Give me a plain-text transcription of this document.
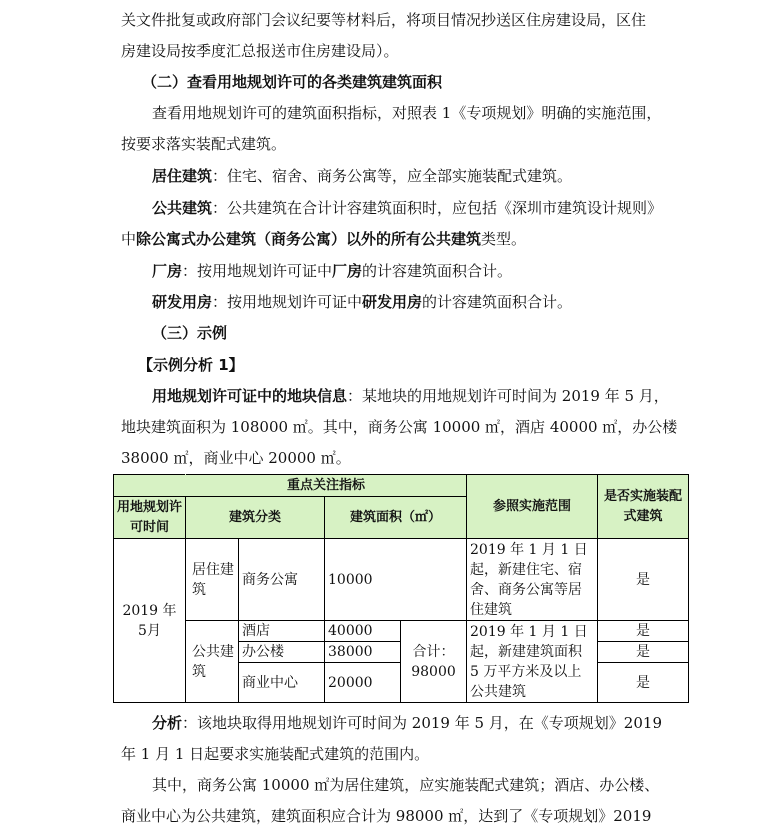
关文件批复或政府部门会议纪要等材料后，将项目情况抄送区住房建设局，区住
房建设局按季度汇总报送市住房建设局）。
（二）查看用地规划许可的各类建筑建筑面积
查看用地规划许可的建筑面积指标，对照表 1《专项规划》明确的实施范围，
按要求落实装配式建筑。
居住建筑：住宅、宿舍、商务公寓等，应全部实施装配式建筑。
公共建筑：公共建筑在合计计容建筑面积时，应包括《深圳市建筑设计规则》
中除公寓式办公建筑（商务公寓）以外的所有公共建筑类型。
厂房：按用地规划许可证中厂房的计容建筑面积合计。
研发用房：按用地规划许可证中研发用房的计容建筑面积合计。
（三）示例
【示例分析 1】
用地规划许可证中的地块信息：某地块的用地规划许可时间为 2019 年 5 月，
地块建筑面积为 108000 ㎡。其中，商务公寓 10000 ㎡，酒店 40000 ㎡，办公楼
38000 ㎡，商业中心 20000 ㎡。
	重点关注指标				参照实施范围	是否实施装配式建筑
用地规划许可时间	建筑分类		建筑面积（㎡）			
2019 年 5月	居住建筑	商务公寓	10000		2019 年 1 月 1 日起，新建住宅、宿舍、商务公寓等居住建筑	是
	公共建筑	酒店	40000	合计：98000	2019 年 1 月 1 日起，新建建筑面积 5 万平方米及以上公共建筑	是
		办公楼	38000			是
		商业中心	20000			是
分析：该地块取得用地规划许可时间为 2019 年 5 月，在《专项规划》2019
年 1 月 1 日起要求实施装配式建筑的范围内。
其中，商务公寓 10000 ㎡为居住建筑，应实施装配式建筑；酒店、办公楼、
商业中心为公共建筑，建筑面积应合计为 98000 ㎡，达到了《专项规划》2019
